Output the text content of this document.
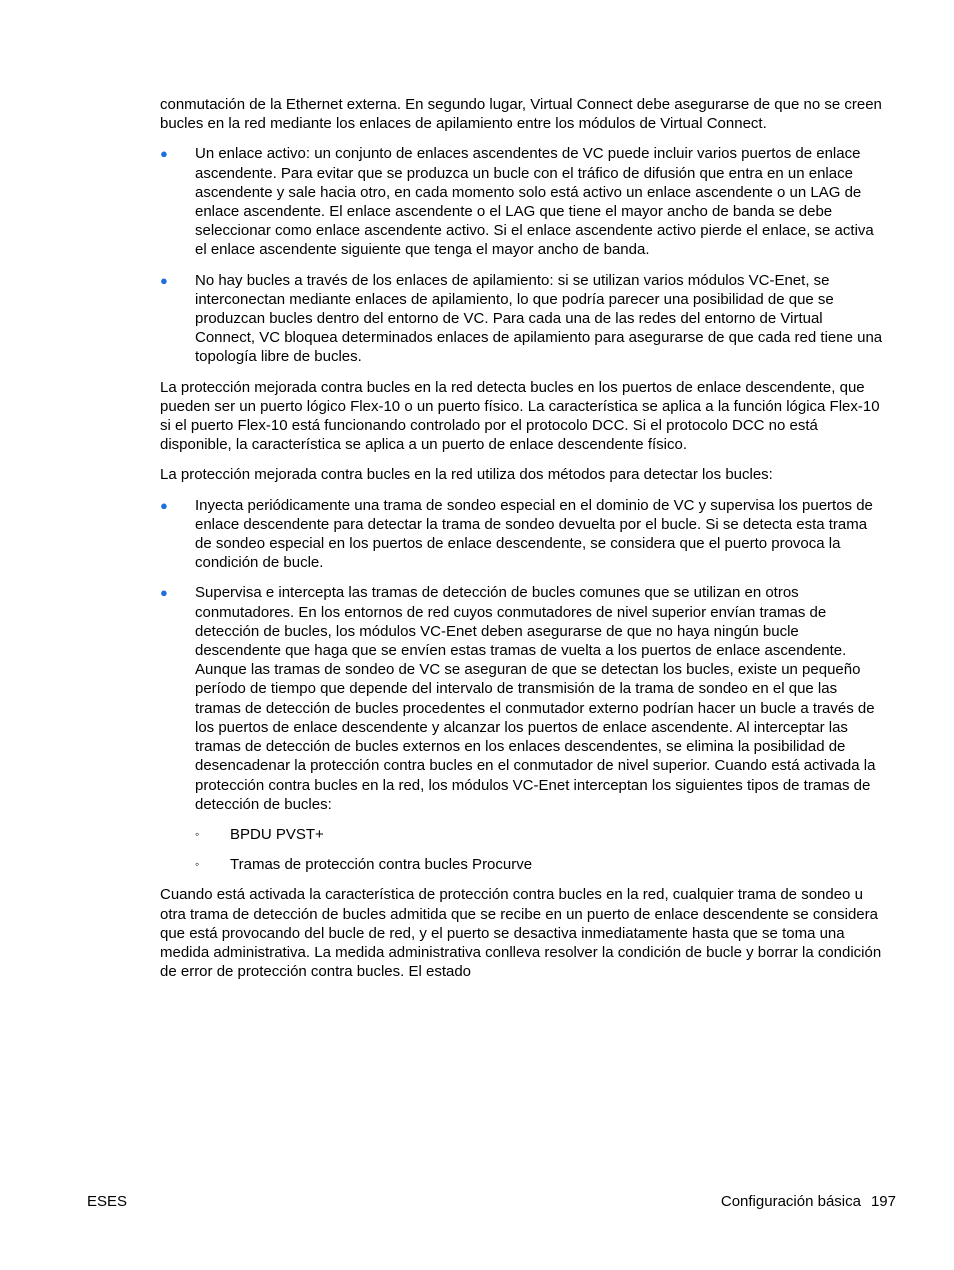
conmutación de la Ethernet externa. En segundo lugar, Virtual Connect debe asegurarse de que no se creen bucles en la red mediante los enlaces de apilamiento entre los módulos de Virtual Connect.

● Un enlace activo: un conjunto de enlaces ascendentes de VC puede incluir varios puertos de enlace ascendente. Para evitar que se produzca un bucle con el tráfico de difusión que entra en un enlace ascendente y sale hacia otro, en cada momento solo está activo un enlace ascendente o un LAG de enlace ascendente. El enlace ascendente o el LAG que tiene el mayor ancho de banda se debe seleccionar como enlace ascendente activo. Si el enlace ascendente activo pierde el enlace, se activa el enlace ascendente siguiente que tenga el mayor ancho de banda.
● No hay bucles a través de los enlaces de apilamiento: si se utilizan varios módulos VC-Enet, se interconectan mediante enlaces de apilamiento, lo que podría parecer una posibilidad de que se produzcan bucles dentro del entorno de VC. Para cada una de las redes del entorno de Virtual Connect, VC bloquea determinados enlaces de apilamiento para asegurarse de que cada red tiene una topología libre de bucles.

La protección mejorada contra bucles en la red detecta bucles en los puertos de enlace descendente, que pueden ser un puerto lógico Flex-10 o un puerto físico. La característica se aplica a la función lógica Flex-10 si el puerto Flex-10 está funcionando controlado por el protocolo DCC. Si el protocolo DCC no está disponible, la característica se aplica a un puerto de enlace descendente físico.

La protección mejorada contra bucles en la red utiliza dos métodos para detectar los bucles:

● Inyecta periódicamente una trama de sondeo especial en el dominio de VC y supervisa los puertos de enlace descendente para detectar la trama de sondeo devuelta por el bucle. Si se detecta esta trama de sondeo especial en los puertos de enlace descendente, se considera que el puerto provoca la condición de bucle.
● Supervisa e intercepta las tramas de detección de bucles comunes que se utilizan en otros conmutadores. En los entornos de red cuyos conmutadores de nivel superior envían tramas de detección de bucles, los módulos VC-Enet deben asegurarse de que no haya ningún bucle descendente que haga que se envíen estas tramas de vuelta a los puertos de enlace ascendente. Aunque las tramas de sondeo de VC se aseguran de que se detectan los bucles, existe un pequeño período de tiempo que depende del intervalo de transmisión de la trama de sondeo en el que las tramas de detección de bucles procedentes el conmutador externo podrían hacer un bucle a través de los puertos de enlace descendente y alcanzar los puertos de enlace ascendente. Al interceptar las tramas de detección de bucles externos en los enlaces descendentes, se elimina la posibilidad de desencadenar la protección contra bucles en el conmutador de nivel superior. Cuando está activada la protección contra bucles en la red, los módulos VC-Enet interceptan los siguientes tipos de tramas de detección de bucles:
◦ BPDU PVST+
◦ Tramas de protección contra bucles Procurve

Cuando está activada la característica de protección contra bucles en la red, cualquier trama de sondeo u otra trama de detección de bucles admitida que se recibe en un puerto de enlace descendente se considera que está provocando del bucle de red, y el puerto se desactiva inmediatamente hasta que se toma una medida administrativa. La medida administrativa conlleva resolver la condición de bucle y borrar la condición de error de protección contra bucles. El estado

ESES	Configuración básica 197
